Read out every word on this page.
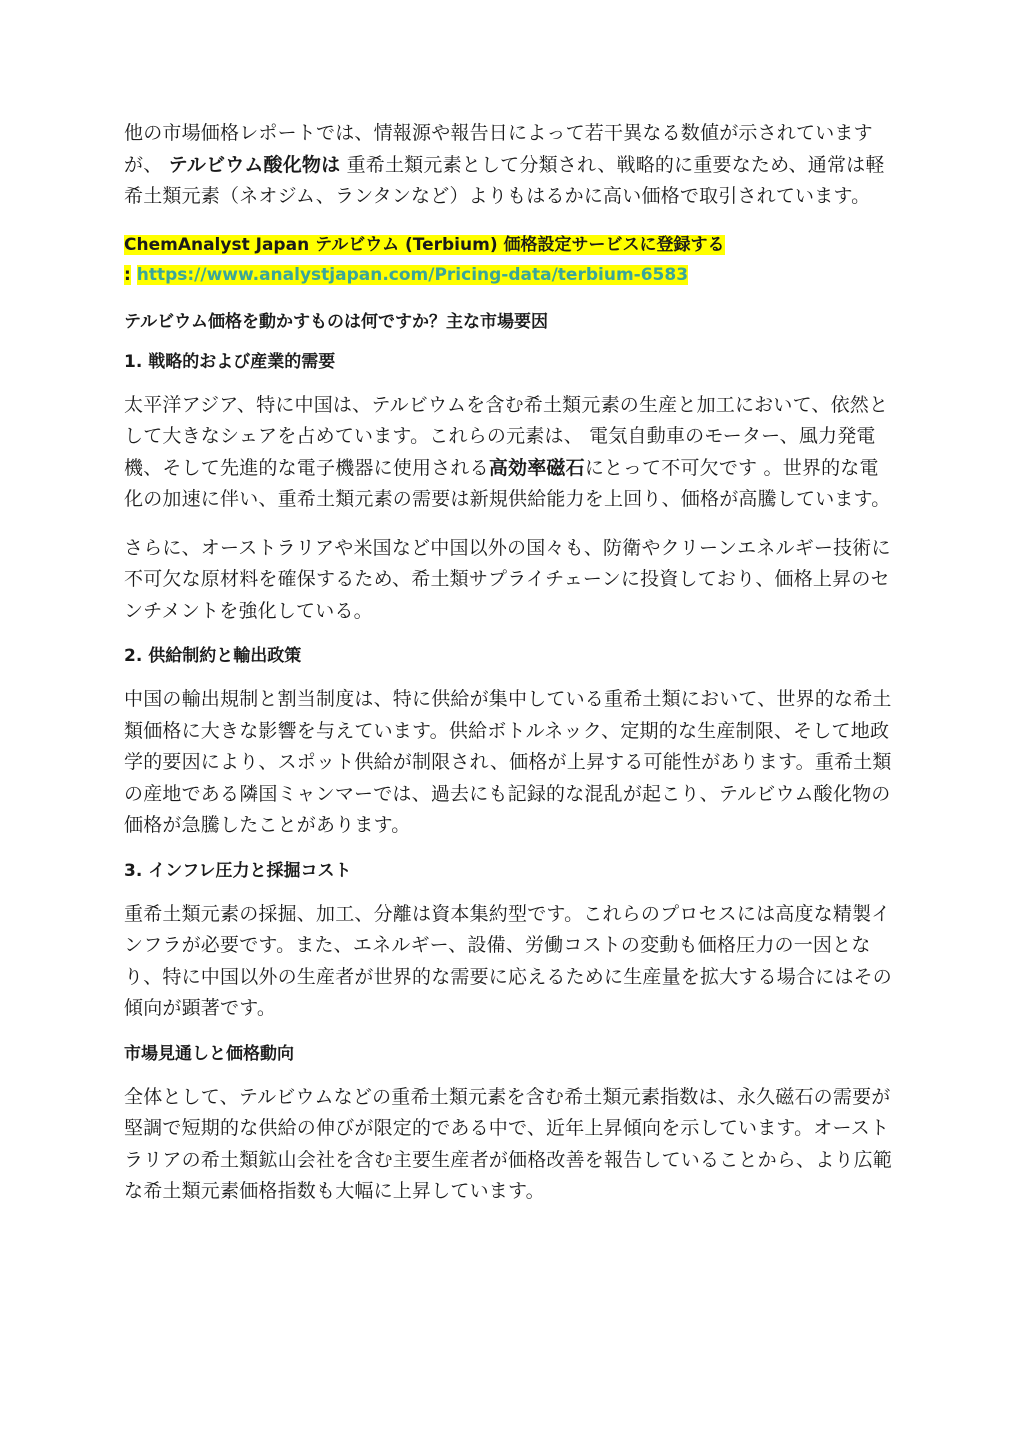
他の市場価格レポートでは、情報源や報告日によって若干異なる数値が示されていますが、 テルビウム酸化物は 重希土類元素として分類され、戦略的に重要なため、通常は軽希土類元素（ネオジム、ランタンなど）よりもはるかに高い価格で取引されています。

ChemAnalyst Japan テルビウム (Terbium) 価格設定サービスに登録する
: https://www.analystjapan.com/Pricing-data/terbium-6583
テルビウム価格を動かすものは何ですか？主な市場要因
1. 戦略的および産業的需要

太平洋アジア、特に中国は、テルビウムを含む希土類元素の生産と加工において、依然として大きなシェアを占めています。これらの元素は、 電気自動車のモーター、風力発電機、そして先進的な電子機器に使用される高効率磁石にとって不可欠です 。世界的な電化の加速に伴い、重希土類元素の需要は新規供給能力を上回り、価格が高騰しています。

さらに、オーストラリアや米国など中国以外の国々も、防衛やクリーンエネルギー技術に不可欠な原材料を確保するため、希土類サプライチェーンに投資しており、価格上昇のセンチメントを強化している。

2. 供給制約と輸出政策

中国の輸出規制と割当制度は、特に供給が集中している重希土類において、世界的な希土類価格に大きな影響を与えています。供給ボトルネック、定期的な生産制限、そして地政学的要因により、スポット供給が制限され、価格が上昇する可能性があります。重希土類の産地である隣国ミャンマーでは、過去にも記録的な混乱が起こり、テルビウム酸化物の価格が急騰したことがあります。

3. インフレ圧力と採掘コスト

重希土類元素の採掘、加工、分離は資本集約型です。これらのプロセスには高度な精製インフラが必要です。また、エネルギー、設備、労働コストの変動も価格圧力の一因となり、特に中国以外の生産者が世界的な需要に応えるために生産量を拡大する場合にはその傾向が顕著です。

市場見通しと価格動向

全体として、テルビウムなどの重希土類元素を含む希土類元素指数は、永久磁石の需要が堅調で短期的な供給の伸びが限定的である中で、近年上昇傾向を示しています。オーストラリアの希土類鉱山会社を含む主要生産者が価格改善を報告していることから、より広範な希土類元素価格指数も大幅に上昇しています。
